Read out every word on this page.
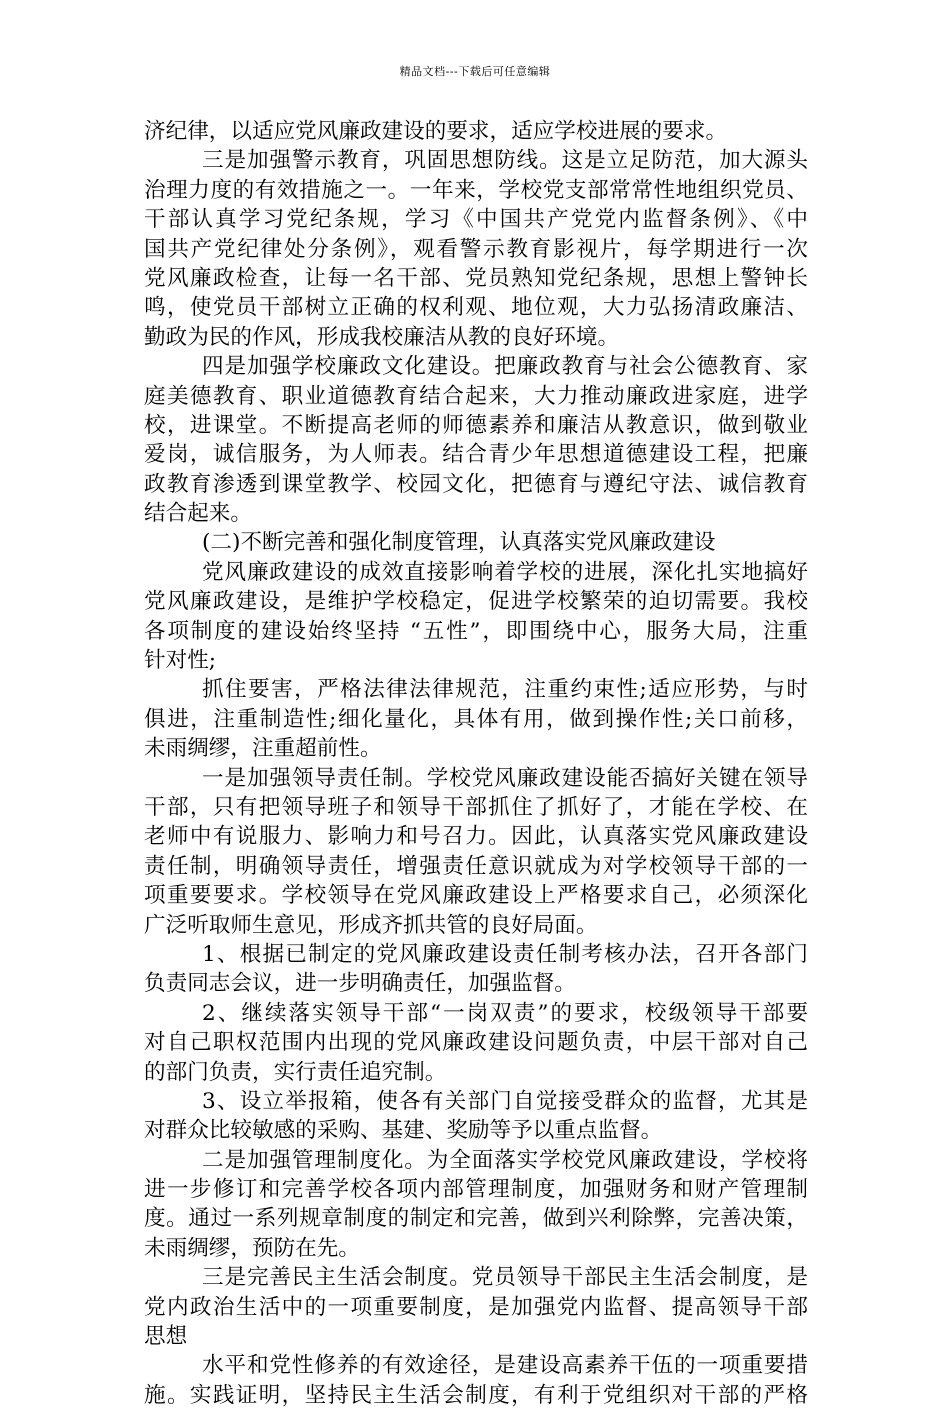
精品文档---下载后可任意编辑
济纪律，以适应党风廉政建设的要求，适应学校进展的要求。
三是加强警示教育，巩固思想防线。这是立足防范，加大源头
治理力度的有效措施之一。一年来，学校党支部常常性地组织党员、
干部认真学习党纪条规，学习《中国共产党党内监督条例》、《中
国共产党纪律处分条例》，观看警示教育影视片，每学期进行一次
党风廉政检查，让每一名干部、党员熟知党纪条规，思想上警钟长
鸣，使党员干部树立正确的权利观、地位观，大力弘扬清政廉洁、
勤政为民的作风，形成我校廉洁从教的良好环境。
四是加强学校廉政文化建设。把廉政教育与社会公德教育、家
庭美德教育、职业道德教育结合起来，大力推动廉政进家庭，进学
校，进课堂。不断提高老师的师德素养和廉洁从教意识，做到敬业
爱岗，诚信服务，为人师表。结合青少年思想道德建设工程，把廉
政教育渗透到课堂教学、校园文化，把德育与遵纪守法、诚信教育
结合起来。
(二)不断完善和强化制度管理，认真落实党风廉政建设
党风廉政建设的成效直接影响着学校的进展，深化扎实地搞好
党风廉政建设，是维护学校稳定，促进学校繁荣的迫切需要。我校
各项制度的建设始终坚持 “五性”，即围绕中心，服务大局，注重
针对性;
抓住要害，严格法律法律规范，注重约束性;适应形势，与时
俱进，注重制造性;细化量化，具体有用，做到操作性;关口前移，
未雨绸缪，注重超前性。
一是加强领导责任制。学校党风廉政建设能否搞好关键在领导
干部，只有把领导班子和领导干部抓住了抓好了，才能在学校、在
老师中有说服力、影响力和号召力。因此，认真落实党风廉政建设
责任制，明确领导责任，增强责任意识就成为对学校领导干部的一
项重要要求。学校领导在党风廉政建设上严格要求自己，必须深化
广泛听取师生意见，形成齐抓共管的良好局面。
1、根据已制定的党风廉政建设责任制考核办法，召开各部门
负责同志会议，进一步明确责任，加强监督。
2、继续落实领导干部“一岗双责”的要求，校级领导干部要
对自己职权范围内出现的党风廉政建设问题负责，中层干部对自己
的部门负责，实行责任追究制。
3、设立举报箱，使各有关部门自觉接受群众的监督，尤其是
对群众比较敏感的采购、基建、奖励等予以重点监督。
二是加强管理制度化。为全面落实学校党风廉政建设，学校将
进一步修订和完善学校各项内部管理制度，加强财务和财产管理制
度。通过一系列规章制度的制定和完善，做到兴利除弊，完善决策，
未雨绸缪，预防在先。
三是完善民主生活会制度。党员领导干部民主生活会制度，是
党内政治生活中的一项重要制度，是加强党内监督、提高领导干部
思想
水平和党性修养的有效途径，是建设高素养干伍的一项重要措
施。实践证明，坚持民主生活会制度，有利于党组织对干部的严格
